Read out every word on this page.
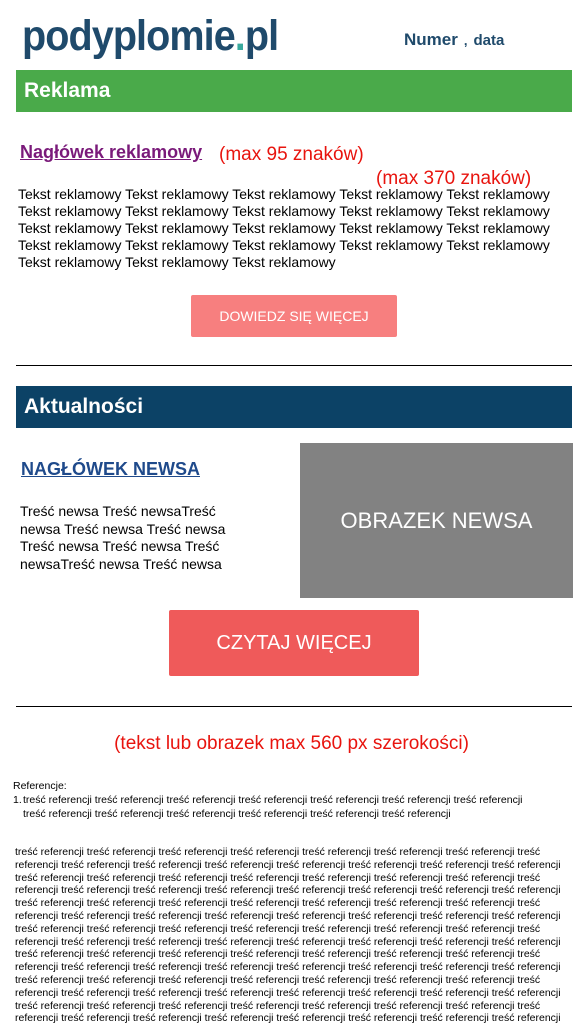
podyplomie.pl	Numer , data
Reklama
Nagłówek reklamowy (max 95 znaków)
(max 370 znaków)
Tekst reklamowy Tekst reklamowy Tekst reklamowy Tekst reklamowy Tekst reklamowy Tekst reklamowy Tekst reklamowy Tekst reklamowy Tekst reklamowy Tekst reklamowy Tekst reklamowy Tekst reklamowy Tekst reklamowy Tekst reklamowy Tekst reklamowy Tekst reklamowy Tekst reklamowy Tekst reklamowy Tekst reklamowy Tekst reklamowy Tekst reklamowy Tekst reklamowy Tekst reklamowy
DOWIEDZ SIĘ WIĘCEJ
Aktualności
NAGŁÓWEK NEWSA
Treść newsa Treść newsaTreść newsa Treść newsa Treść newsa Treść newsa Treść newsa Treść newsaTreść newsa Treść newsa
OBRAZEK NEWSA
CZYTAJ WIĘCEJ
(tekst lub obrazek max 560 px szerokości)
Referencje:
1. treść referencji treść referencji treść referencji treść referencji treść referencji treść referencji treść referencji treść referencji treść referencji treść referencji treść referencji treść referencji treść referencji
treść referencji treść referencji treść referencji treść referencji treść referencji treść referencji treść referencji treść referencji treść referencji treść referencji treść referencji treść referencji treść referencji treść referencji treść referencji treść referencji treść referencji treść referencji treść referencji treść referencji treść referencji treść referencji treść referencji treść referencji treść referencji treść referencji treść referencji treść referencji treść referencji treść referencji treść referencji treść referencji treść referencji treść referencji treść referencji treść referencji treść referencji treść referencji treść referencji treść referencji treść referencji treść referencji treść referencji treść referencji treść referencji treść referencji treść referencji treść referencji treść referencji treść referencji treść referencji treść referencji treść referencji treść referencji treść referencji treść referencji treść referencji treść referencji treść referencji treść referencji treść referencji treść referencji treść referencji treść referencji treść referencji treść referencji treść referencji treść referencji treść referencji treść referencji treść referencji treść referencji treść referencji treść referencji treść referencji treść referencji treść referencji treść referencji treść referencji treść referencji treść referencji treść referencji treść referencji treść referencji treść referencji treść referencji treść referencji treść referencji treść referencji treść referencji treść referencji treść referencji treść referencji treść referencji treść referencji treść referencji treść referencji treść referencji treść referencji treść referencji treść referencji treść referencji treść referencji treść referencji treść referencji
